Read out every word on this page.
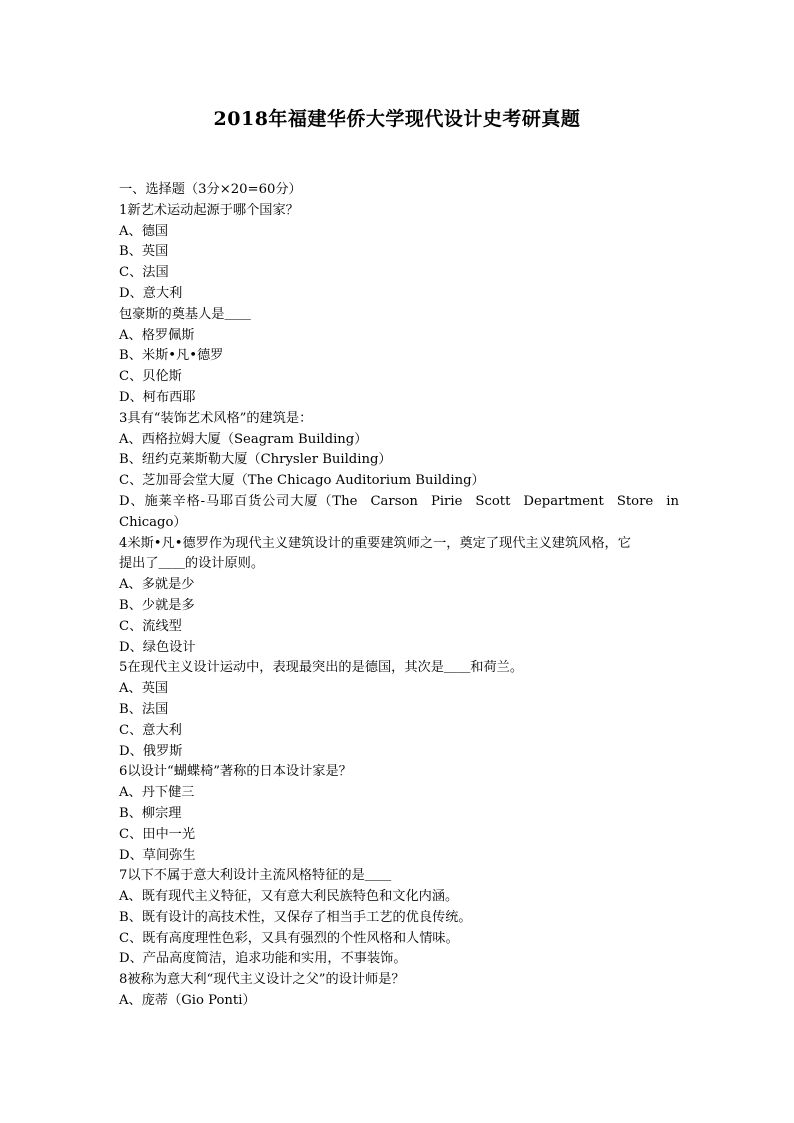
2018年福建华侨大学现代设计史考研真题
一、选择题（3分×20=60分）
1新艺术运动起源于哪个国家？
A、德国
B、英国
C、法国
D、意大利
包豪斯的奠基人是＿＿
A、格罗佩斯
B、米斯•凡•德罗
C、贝伦斯
D、柯布西耶
3具有“装饰艺术风格”的建筑是：
A、西格拉姆大厦（Seagram Building）
B、纽约克莱斯勒大厦（Chrysler Building）
C、芝加哥会堂大厦（The Chicago Auditorium Building）
D、施莱辛格-马耶百货公司大厦（The Carson Pirie Scott Department Store in
Chicago）
4米斯•凡•德罗作为现代主义建筑设计的重要建筑师之一，奠定了现代主义建筑风格，它
提出了＿＿的设计原则。
A、多就是少
B、少就是多
C、流线型
D、绿色设计
5在现代主义设计运动中，表现最突出的是德国，其次是＿＿和荷兰。
A、英国
B、法国
C、意大利
D、俄罗斯
6以设计“蝴蝶椅”著称的日本设计家是？
A、丹下健三
B、柳宗理
C、田中一光
D、草间弥生
7以下不属于意大利设计主流风格特征的是＿＿
A、既有现代主义特征，又有意大利民族特色和文化内涵。
B、既有设计的高技术性，又保存了相当手工艺的优良传统。
C、既有高度理性色彩，又具有强烈的个性风格和人情味。
D、产品高度简洁，追求功能和实用，不事装饰。
8被称为意大利“现代主义设计之父”的设计师是？
A、庞蒂（Gio Ponti）
